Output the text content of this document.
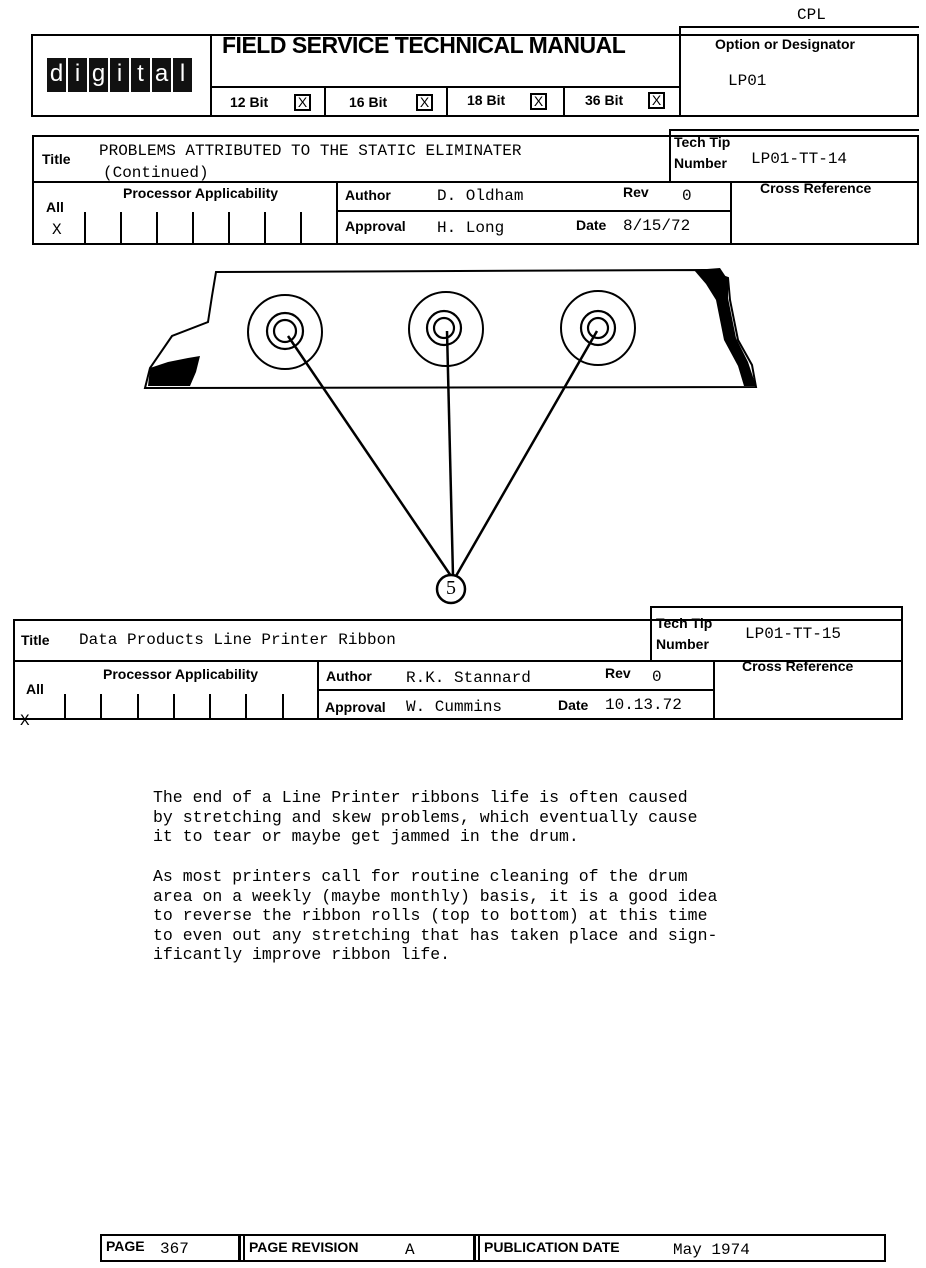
CPL
d i g i t a l
FIELD SERVICE TECHNICAL MANUAL	Option or Designator
LP01
12 Bit X	16 Bit X	18 Bit X	36 Bit X
Title PROBLEMS ATTRIBUTED TO THE STATIC ELIMINATER
(Continued)
Tech Tip
Number LP01-TT-14
All
X
Processor Applicability	Author	D. Oldham	Rev 0
Approval H. Long	Date 8/15/72
Cross Reference
5
Title Data Products Line Printer Ribbon
Tech Tip
Number
LP01-TT-15
All
X
Processor Applicability	Author R.K. Stannard	Rev 0
Approval W. Cummins	Date 10.13.72
Cross Reference
The end of a Line Printer ribbons life is often caused
by stretching and skew problems, which eventually cause
it to tear or maybe get jammed in the drum.
As most printers call for routine cleaning of the drum
area on a weekly (maybe monthly) basis, it is a good idea
to reverse the ribbon rolls (top to bottom) at this time
to even out any stretching that has taken place and sign-
ificantly improve ribbon life.
PAGE 367	PAGE REVISION	A	PUBLICATION DATE	May 1974
